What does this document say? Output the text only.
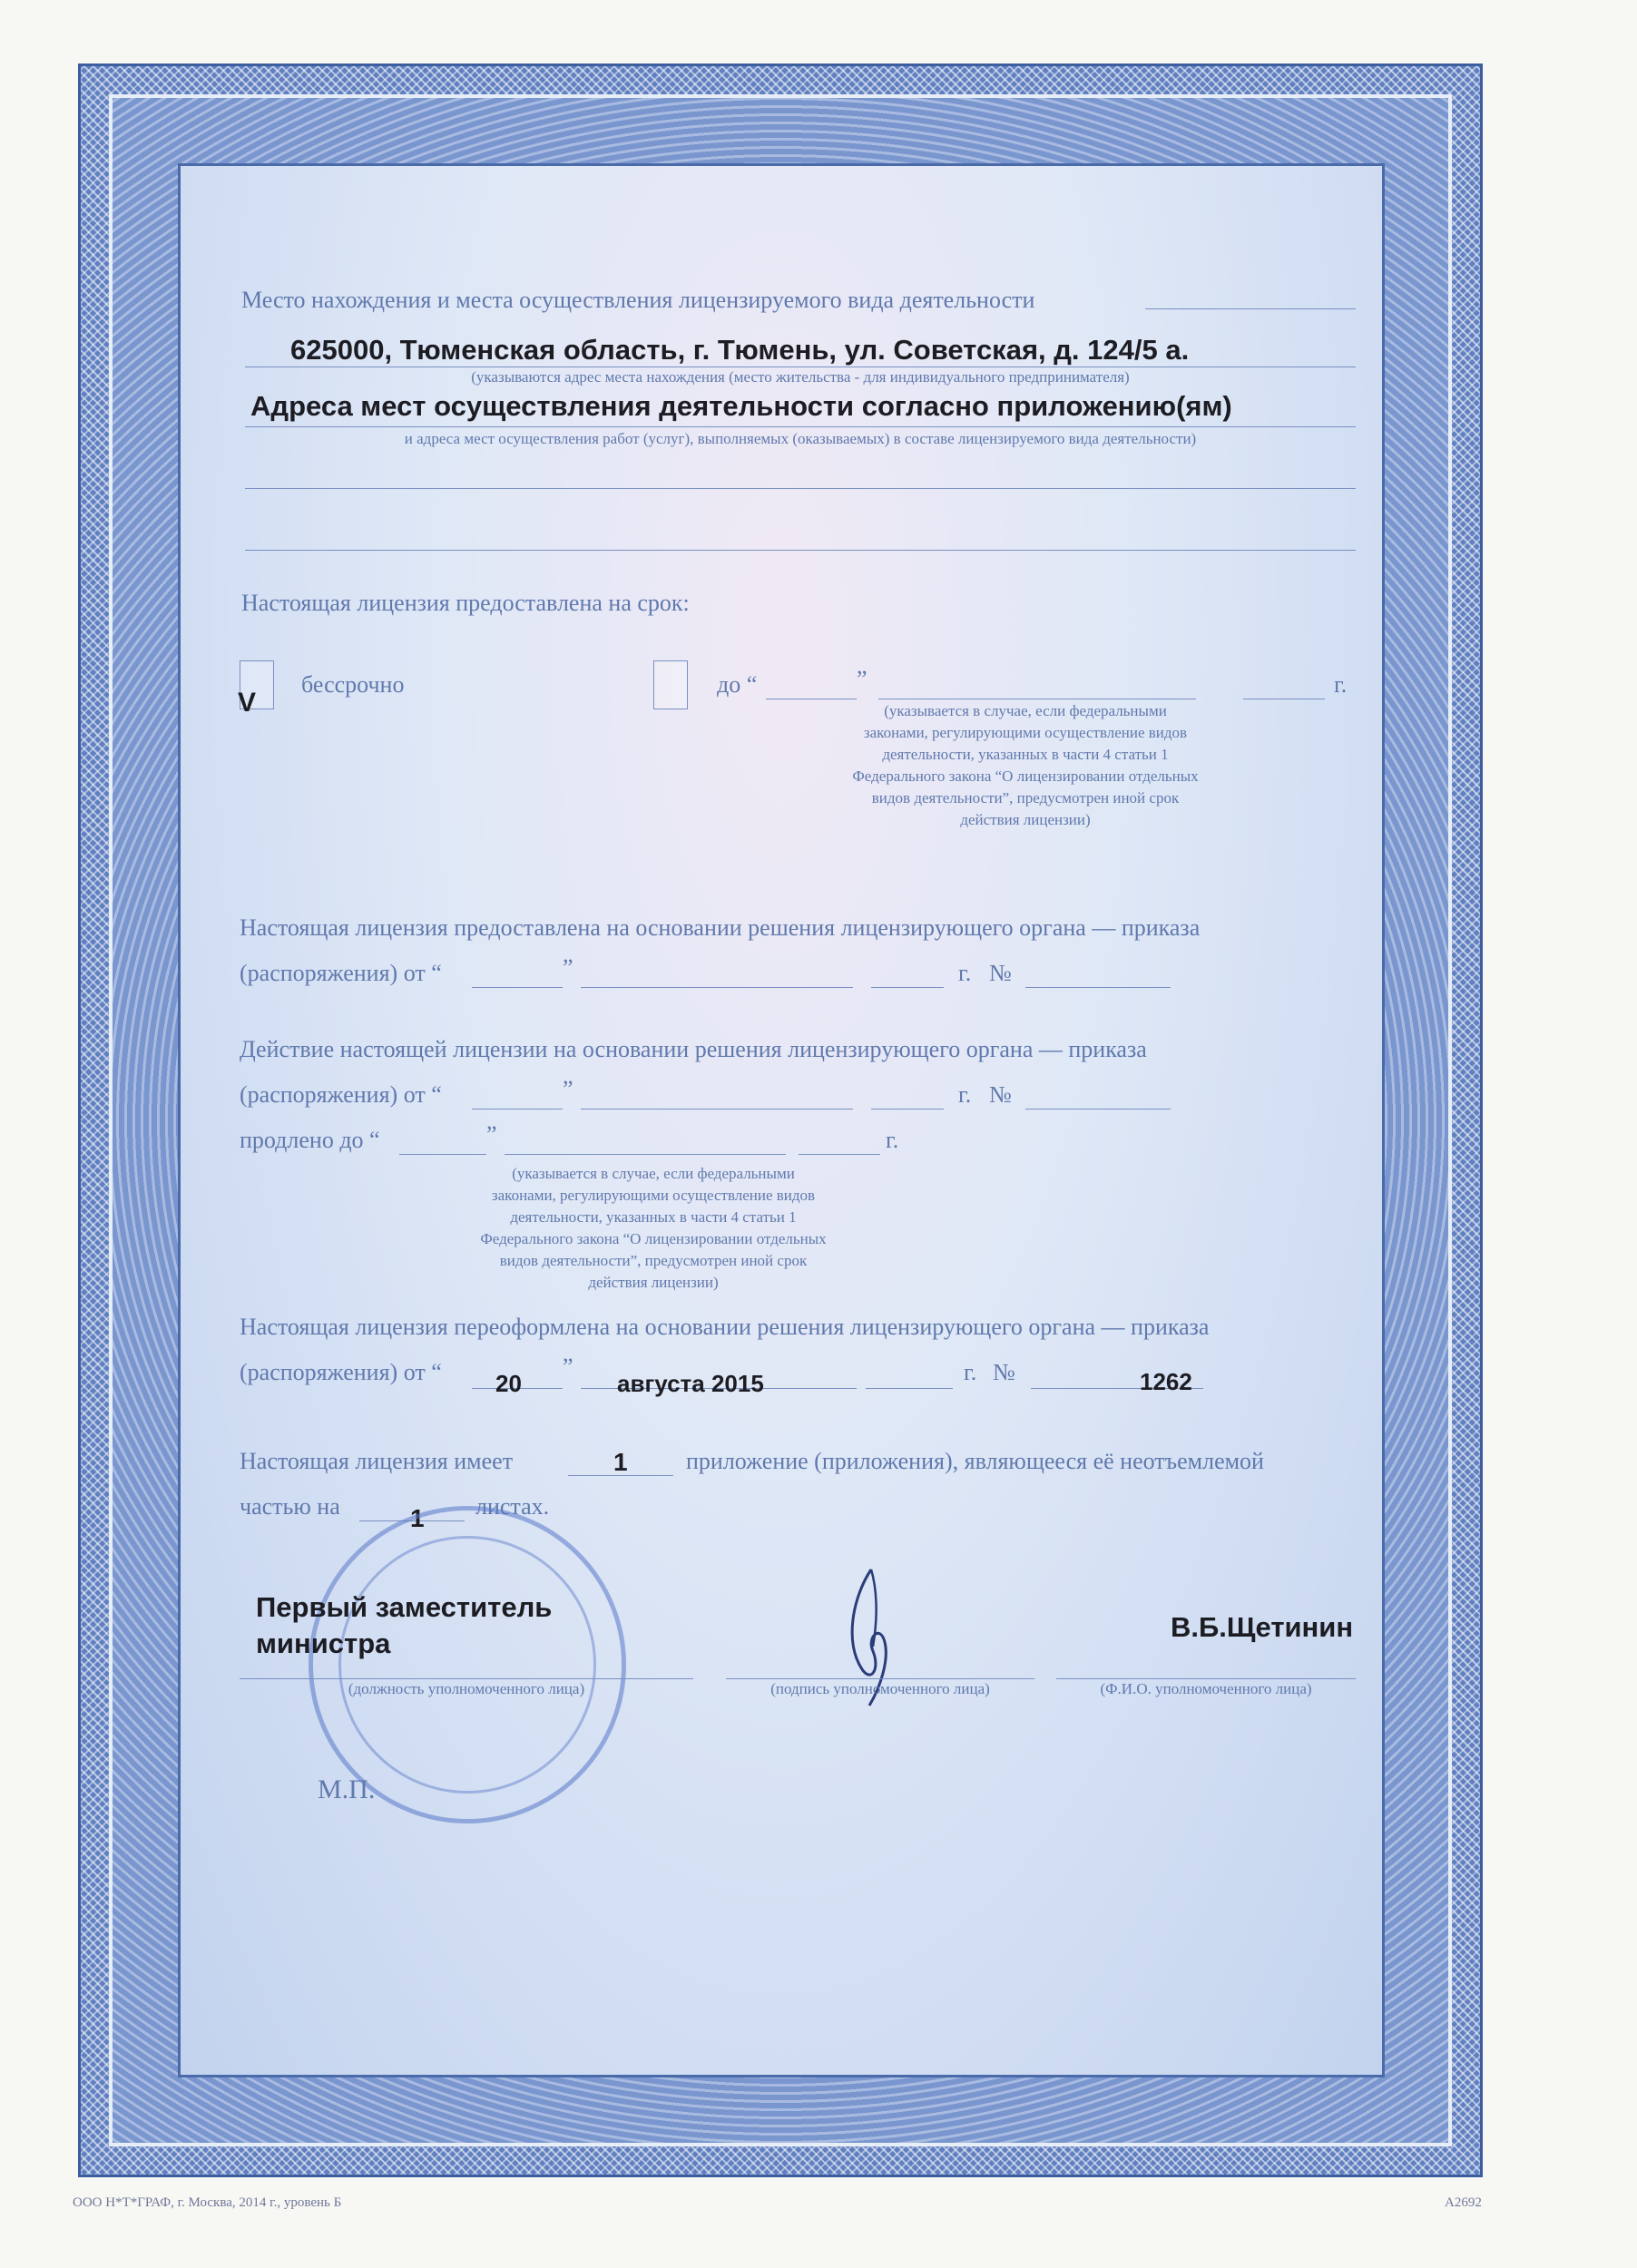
Место нахождения и места осуществления лицензируемого вида деятельности
625000, Тюменская область, г. Тюмень, ул. Советская, д. 124/5 а.
(указываются адрес места нахождения (место жительства - для индивидуального предпринимателя)
Адреса мест осуществления деятельности согласно приложению(ям)
и адреса мест осуществления работ (услуг), выполняемых (оказываемых) в составе лицензируемого вида деятельности)
Настоящая лицензия предоставлена на срок:
V
бессрочно	до “	”	г.
(указывается в случае, если федеральными
законами, регулирующими осуществление видов
деятельности, указанных в части 4 статьи 1
Федерального закона “О лицензировании отдельных
видов деятельности”, предусмотрен иной срок
действия лицензии)
Настоящая лицензия предоставлена на основании решения лицензирующего органа — приказа
(распоряжения) от “	”	г. №
Действие настоящей лицензии на основании решения лицензирующего органа — приказа
(распоряжения) от “	”	г. №
продлено до “	”	г.
(указывается в случае, если федеральными
законами, регулирующими осуществление видов
деятельности, указанных в части 4 статьи 1
Федерального закона “О лицензировании отдельных
видов деятельности”, предусмотрен иной срок
действия лицензии)
Настоящая лицензия переоформлена на основании решения лицензирующего органа — приказа
(распоряжения) от “ 20
”
августа 2015	г. №	1262
Настоящая лицензия имеет	1 приложение (приложения), являющееся её неотъемлемой
частью на	1 листах.
Первый заместитель
министра
В.Б.Щетинин
(должность уполномоченного лица)	(подпись уполномоченного лица)	(Ф.И.О. уполномоченного лица)
М.П.
ООО Н*Т*ГРАФ, г. Москва, 2014 г., уровень Б	А2692
